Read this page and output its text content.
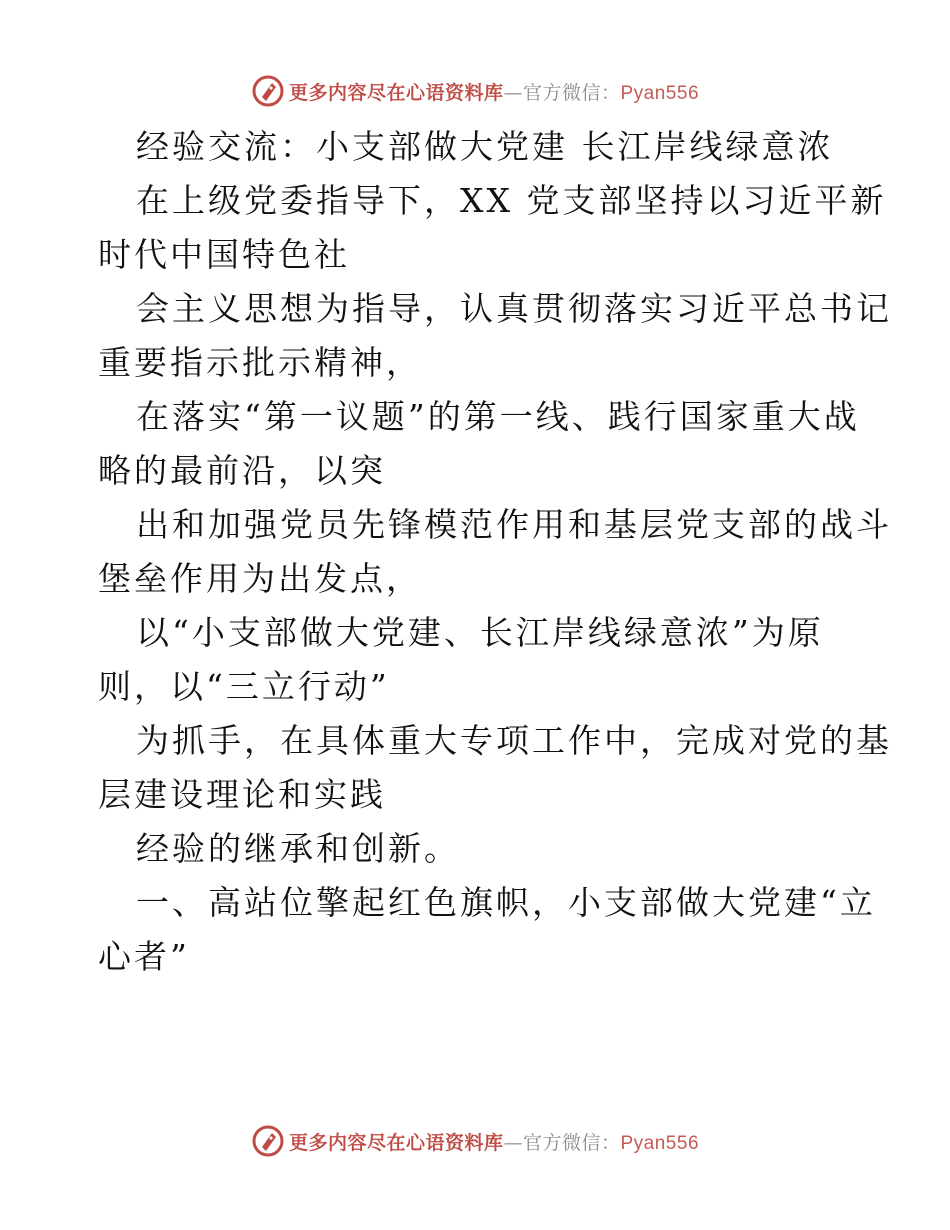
更多内容尽在心语资料库—官方微信：Pyan556
经验交流：小支部做大党建 长江岸线绿意浓
在上级党委指导下，XX 党支部坚持以习近平新
时代中国特色社
会主义思想为指导，认真贯彻落实习近平总书记
重要指示批示精神，
在落实“第一议题”的第一线、践行国家重大战
略的最前沿，以突
出和加强党员先锋模范作用和基层党支部的战斗
堡垒作用为出发点，
以“小支部做大党建、长江岸线绿意浓”为原
则，以“三立行动”
为抓手，在具体重大专项工作中，完成对党的基
层建设理论和实践
经验的继承和创新。
一、高站位擎起红色旗帜，小支部做大党建“立
心者”
更多内容尽在心语资料库—官方微信：Pyan556
